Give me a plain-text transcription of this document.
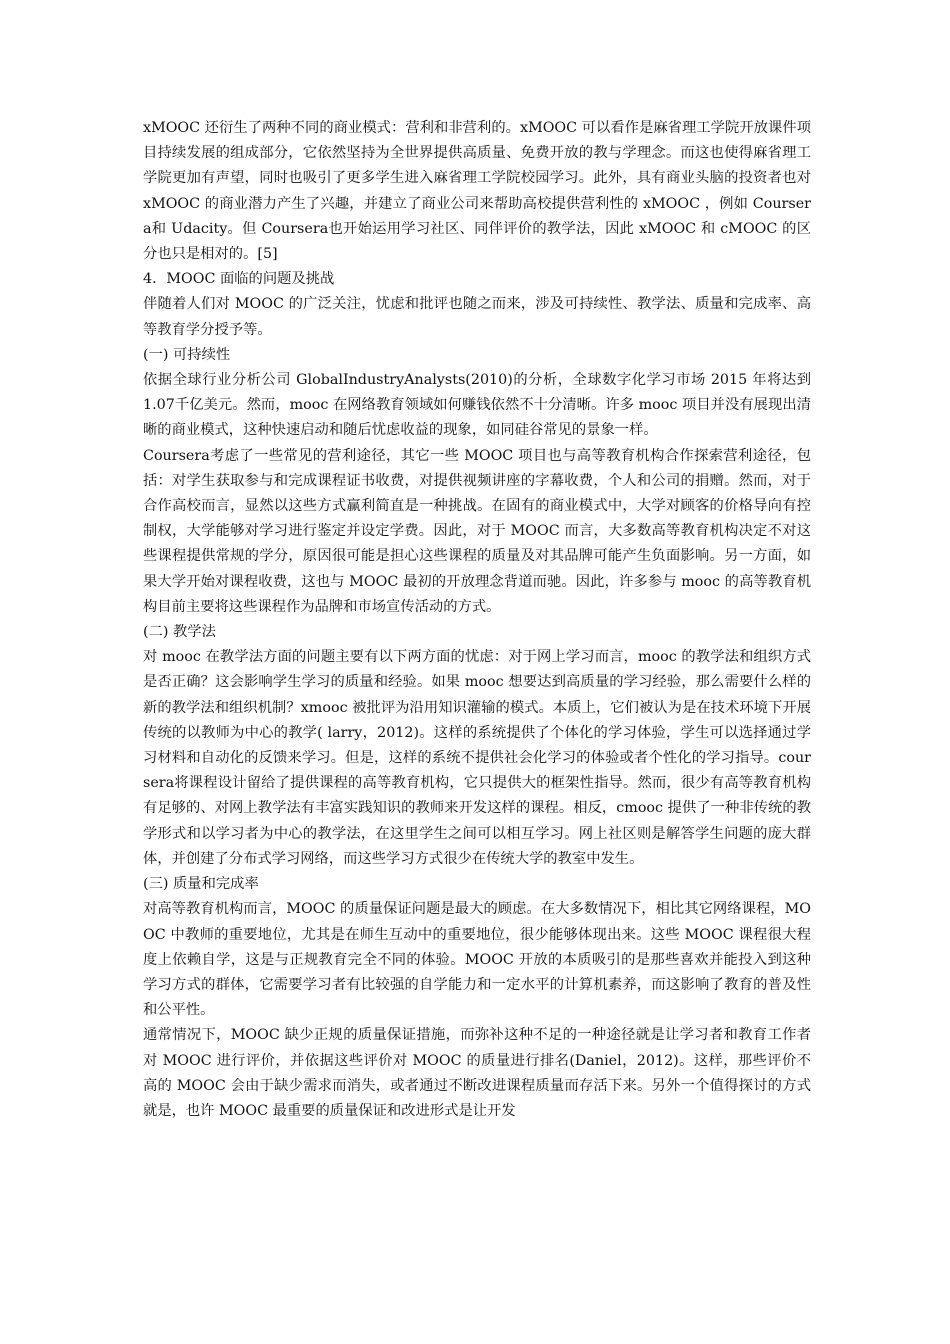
xMOOC 还衍生了两种不同的商业模式：营利和非营利的。xMOOC 可以看作是麻省理工学院开放课件项目持续发展的组成部分，它依然坚持为全世界提供高质量、免费开放的教与学理念。而这也使得麻省理工学院更加有声望，同时也吸引了更多学生进入麻省理工学院校园学习。此外，具有商业头脑的投资者也对 xMOOC 的商业潜力产生了兴趣，并建立了商业公司来帮助高校提供营利性的 xMOOC ，例如 Coursera和 Udacity。但 Coursera也开始运用学习社区、同伴评价的教学法，因此 xMOOC 和 cMOOC 的区分也只是相对的。[5]

4．MOOC 面临的问题及挑战

伴随着人们对 MOOC 的广泛关注，忧虑和批评也随之而来，涉及可持续性、教学法、质量和完成率、高等教育学分授予等。

(一) 可持续性

依据全球行业分析公司 GlobalIndustryAnalysts(2010)的分析，全球数字化学习市场 2015 年将达到 1.07千亿美元。然而，mooc 在网络教育领域如何赚钱依然不十分清晰。许多 mooc 项目并没有展现出清晰的商业模式，这种快速启动和随后忧虑收益的现象，如同硅谷常见的景象一样。

Coursera考虑了一些常见的营利途径，其它一些 MOOC 项目也与高等教育机构合作探索营利途径，包括：对学生获取参与和完成课程证书收费，对提供视频讲座的字幕收费，个人和公司的捐赠。然而，对于合作高校而言，显然以这些方式赢利简直是一种挑战。在固有的商业模式中，大学对顾客的价格导向有控制权，大学能够对学习进行鉴定并设定学费。因此，对于 MOOC 而言，大多数高等教育机构决定不对这些课程提供常规的学分，原因很可能是担心这些课程的质量及对其品牌可能产生负面影响。另一方面，如果大学开始对课程收费，这也与 MOOC 最初的开放理念背道而驰。因此，许多参与 mooc 的高等教育机构目前主要将这些课程作为品牌和市场宣传活动的方式。

(二) 教学法

对 mooc 在教学法方面的问题主要有以下两方面的忧虑：对于网上学习而言，mooc 的教学法和组织方式是否正确？这会影响学生学习的质量和经验。如果 mooc 想要达到高质量的学习经验，那么需要什么样的新的教学法和组织机制？xmooc 被批评为沿用知识灌输的模式。本质上，它们被认为是在技术环境下开展传统的以教师为中心的教学( larry，2012)。这样的系统提供了个体化的学习体验，学生可以选择通过学习材料和自动化的反馈来学习。但是，这样的系统不提供社会化学习的体验或者个性化的学习指导。coursera将课程设计留给了提供课程的高等教育机构，它只提供大的框架性指导。然而，很少有高等教育机构有足够的、对网上教学法有丰富实践知识的教师来开发这样的课程。相反，cmooc 提供了一种非传统的教学形式和以学习者为中心的教学法，在这里学生之间可以相互学习。网上社区则是解答学生问题的庞大群体，并创建了分布式学习网络，而这些学习方式很少在传统大学的教室中发生。

(三) 质量和完成率

对高等教育机构而言，MOOC 的质量保证问题是最大的顾虑。在大多数情况下，相比其它网络课程，MOOC 中教师的重要地位，尤其是在师生互动中的重要地位，很少能够体现出来。这些 MOOC 课程很大程度上依赖自学，这是与正规教育完全不同的体验。MOOC 开放的本质吸引的是那些喜欢并能投入到这种学习方式的群体，它需要学习者有比较强的自学能力和一定水平的计算机素养，而这影响了教育的普及性和公平性。

通常情况下，MOOC 缺少正规的质量保证措施，而弥补这种不足的一种途径就是让学习者和教育工作者对 MOOC 进行评价，并依据这些评价对 MOOC 的质量进行排名(Daniel，2012)。这样，那些评价不高的 MOOC 会由于缺少需求而消失，或者通过不断改进课程质量而存活下来。另外一个值得探讨的方式就是，也许 MOOC 最重要的质量保证和改进形式是让开发
